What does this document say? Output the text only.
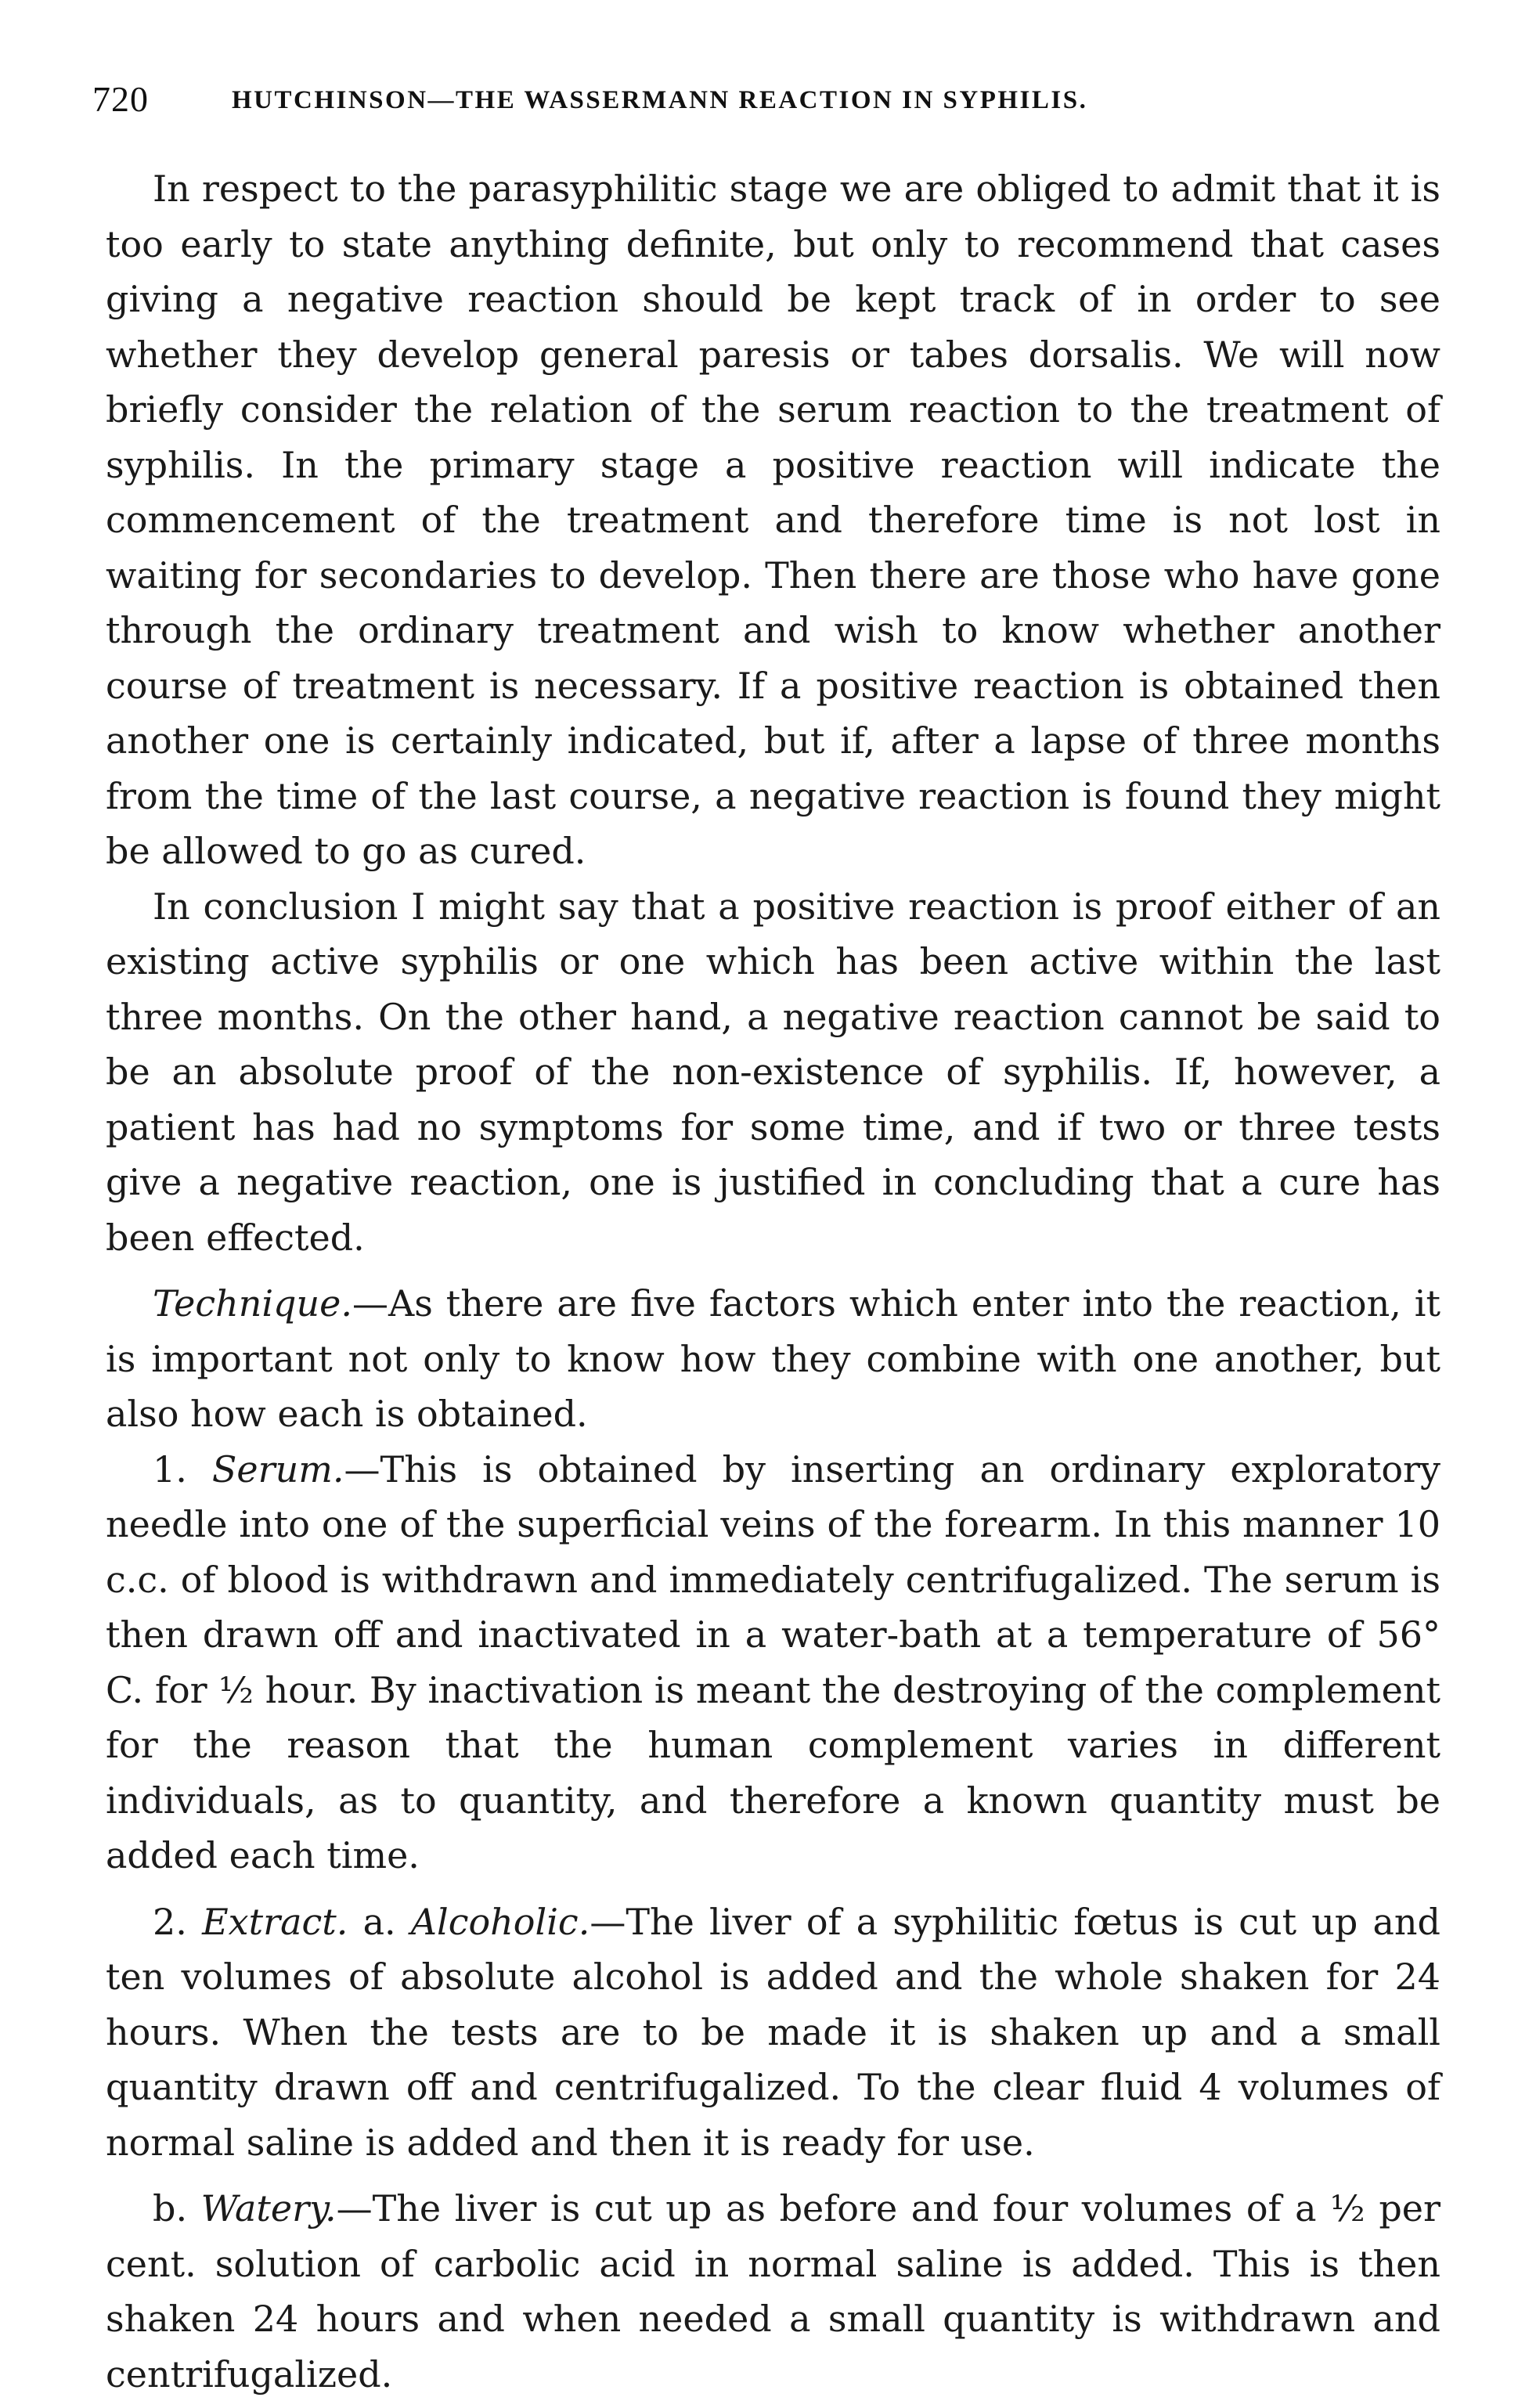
720	HUTCHINSON—THE WASSERMANN REACTION IN SYPHILIS.

In respect to the parasyphilitic stage we are obliged to admit that it is too early to state anything definite, but only to recommend that cases giving a negative reaction should be kept track of in order to see whether they develop general paresis or tabes dorsalis. We will now briefly consider the relation of the serum reaction to the treatment of syphilis. In the primary stage a positive reaction will indicate the commencement of the treatment and therefore time is not lost in waiting for secondaries to develop. Then there are those who have gone through the ordinary treatment and wish to know whether another course of treatment is necessary. If a positive reaction is obtained then another one is certainly indicated, but if, after a lapse of three months from the time of the last course, a negative reaction is found they might be allowed to go as cured.

In conclusion I might say that a positive reaction is proof either of an existing active syphilis or one which has been active within the last three months. On the other hand, a negative reaction cannot be said to be an absolute proof of the non-existence of syphilis. If, however, a patient has had no symptoms for some time, and if two or three tests give a negative reaction, one is justified in concluding that a cure has been effected.

Technique.—As there are five factors which enter into the reaction, it is important not only to know how they combine with one another, but also how each is obtained.

1. Serum.—This is obtained by inserting an ordinary exploratory needle into one of the superficial veins of the forearm. In this manner 10 c.c. of blood is withdrawn and immediately centrifugalized. The serum is then drawn off and inactivated in a water-bath at a temperature of 56° C. for ½ hour. By inactivation is meant the destroying of the complement for the reason that the human complement varies in different individuals, as to quantity, and therefore a known quantity must be added each time.

2. Extract. a. Alcoholic.—The liver of a syphilitic fœtus is cut up and ten volumes of absolute alcohol is added and the whole shaken for 24 hours. When the tests are to be made it is shaken up and a small quantity drawn off and centrifugalized. To the clear fluid 4 volumes of normal saline is added and then it is ready for use.

b. Watery.—The liver is cut up as before and four volumes of a ½ per cent. solution of carbolic acid in normal saline is added. This is then shaken 24 hours and when needed a small quantity is withdrawn and centrifugalized.
